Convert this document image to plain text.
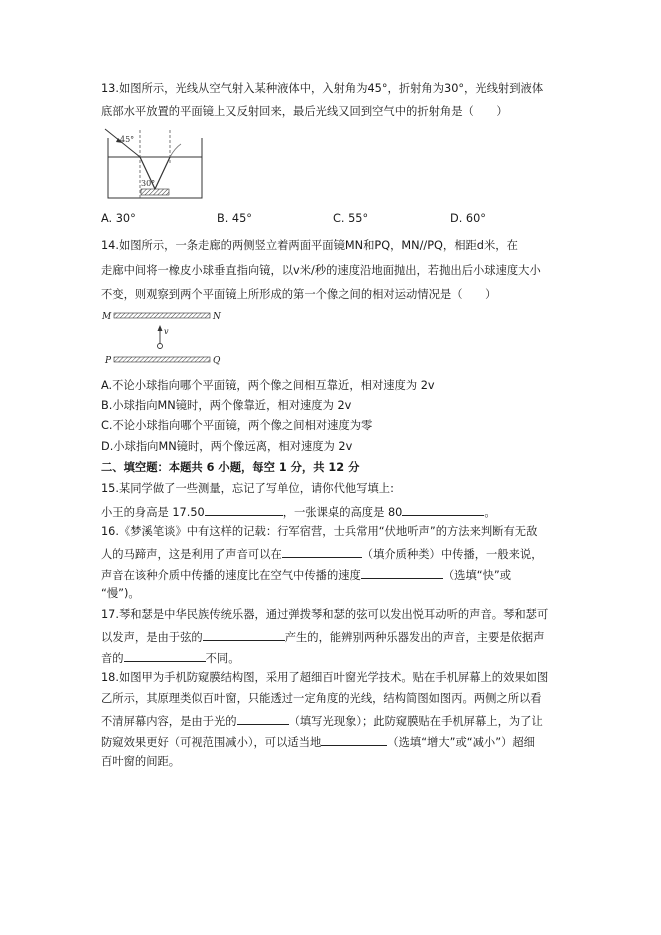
13.如图所示，光线从空气射入某种液体中，入射角为45°，折射角为30°，光线射到液体
底部水平放置的平面镜上又反射回来，最后光线又回到空气中的折射角是（　　）
45°
30°
A. 30°	B. 45°	C. 55°	D. 60°
14.如图所示，一条走廊的两侧竖立着两面平面镜MN和PQ，MN//PQ，相距d米，在
走廊中间将一橡皮小球垂直指向镜，以v米/秒的速度沿地面抛出，若抛出后小球速度大小
不变，则观察到两个平面镜上所形成的第一个像之间的相对运动情况是（　　）
M	N
P	Q
v
A.不论小球指向哪个平面镜，两个像之间相互靠近，相对速度为 2v
B.小球指向MN镜时，两个像靠近，相对速度为 2v
C.不论小球指向哪个平面镜，两个像之间相对速度为零
D.小球指向MN镜时，两个像远离，相对速度为 2v
二、填空题：本题共 6 小题，每空 1 分，共 12 分
15.某同学做了一些测量，忘记了写单位，请你代他写填上:
小王的身高是 17.50	，一张课桌的高度是 80	。
16.《梦溪笔谈》中有这样的记载：行军宿营，士兵常用“伏地听声”的方法来判断有无敌
人的马蹄声，这是利用了声音可以在	（填介质种类）中传播，一般来说，
声音在该种介质中传播的速度比在空气中传播的速度	（选填“快”或
“慢”)。
17.琴和瑟是中华民族传统乐器，通过弹拨琴和瑟的弦可以发出悦耳动听的声音。琴和瑟可
以发声，是由于弦的	产生的，能辨别两种乐器发出的声音，主要是依据声
音的	不同。
18.如图甲为手机防窥膜结构图，采用了超细百叶窗光学技术。贴在手机屏幕上的效果如图
乙所示，其原理类似百叶窗，只能透过一定角度的光线，结构简图如图丙。两侧之所以看
不清屏幕内容，是由于光的	（填写光现象）；此防窥膜贴在手机屏幕上，为了让
防窥效果更好（可视范围减小），可以适当地	（选填“增大”或“减小”）超细
百叶窗的间距。
